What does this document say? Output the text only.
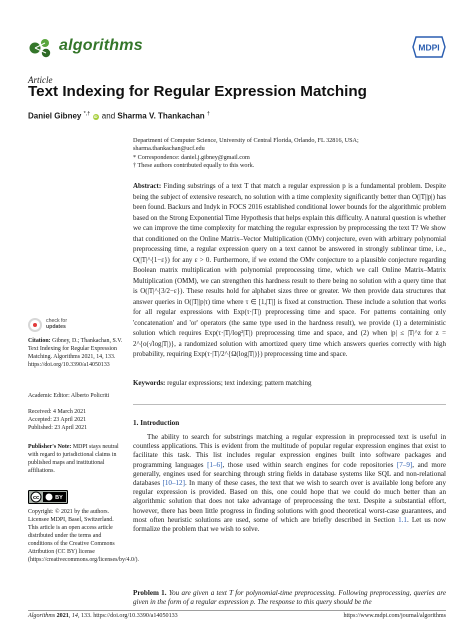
algorithms	MDPI
Article
Text Indexing for Regular Expression Matching
Daniel Gibney *,† iD and Sharma V. Thankachan †
Department of Computer Science, University of Central Florida, Orlando, FL 32816, USA;
sharma.thankachan@ucf.edu
* Correspondence: daniel.j.gibney@gmail.com
† These authors contributed equally to this work.
Abstract: Finding substrings of a text T that match a regular expression p is a fundamental problem. Despite being the subject of extensive research, no solution with a time complexity significantly better than O(|T||p|) has been found. Backurs and Indyk in FOCS 2016 established conditional lower bounds for the algorithmic problem based on the Strong Exponential Time Hypothesis that helps explain this difficulty. A natural question is whether we can improve the time complexity for matching the regular expression by preprocessing the text T? We show that conditioned on the Online Matrix–Vector Multiplication (OMv) conjecture, even with arbitrary polynomial preprocessing time, a regular expression query on a text cannot be answered in strongly sublinear time, i.e., O(|T|^{1−ε}) for any ε > 0. Furthermore, if we extend the OMv conjecture to a plausible conjecture regarding Boolean matrix multiplication with polynomial preprocessing time, which we call Online Matrix–Matrix Multiplication (OMM), we can strengthen this hardness result to there being no solution with a query time that is O(|T|^{3/2−ε}). These results hold for alphabet sizes three or greater. We then provide data structures that answer queries in O(|T||p|τ) time where τ ∈ [1,|T|] is fixed at construction. These include a solution that works for all regular expressions with Exp(τ·|T|) preprocessing time and space. For patterns containing only 'concatenation' and 'or' operators (the same type used in the hardness result), we provide (1) a deterministic solution which requires Exp(τ·|T|/log²|T|) preprocessing time and space, and (2) when |p| ≤ |T|^z for z = 2^{o(√log|T|)}, a randomized solution with amortized query time which answers queries correctly with high probability, requiring Exp(τ·|T|/2^{Ω(log|T|)}) preprocessing time and space.
Keywords: regular expressions; text indexing; pattern matching
1. Introduction
The ability to search for substrings matching a regular expression in preprocessed text is useful in countless applications. This is evident from the multitude of popular regular expression engines that exist to facilitate this task. This list includes regular expression engines built into software packages and programming languages [1–6], those used within search engines for code repositories [7–9], and more generally, engines used for searching through string fields in database systems like SQL and non-relational databases [10–12]. In many of these cases, the text that we wish to search over is available long before any regular expression is provided. Based on this, one could hope that we could do much better than an algorithmic solution that does not take advantage of preprocessing the text. Despite a substantial effort, however, there has been little progress in finding solutions with good theoretical worst-case guarantees, and most often heuristic solutions are used, some of which are briefly described in Section 1.1. Let us now formalize the problem that we wish to solve.
Problem 1. You are given a text T for polynomial-time preprocessing. Following preprocessing, queries are given in the form of a regular expression p. The response to this query should be the
check for
updates
Citation: Gibney, D.; Thankachan, S.V. Text Indexing for Regular Expression Matching. Algorithms 2021, 14, 133. https://doi.org/10.3390/a14050133
Academic Editor: Alberto Policriti
Received: 4 March 2021
Accepted: 23 April 2021
Published: 23 April 2021
Publisher's Note: MDPI stays neutral with regard to jurisdictional claims in published maps and institutional affiliations.
cc	BY
Copyright: © 2021 by the authors. Licensee MDPI, Basel, Switzerland. This article is an open access article distributed under the terms and conditions of the Creative Commons Attribution (CC BY) license (https://creativecommons.org/licenses/by/4.0/).
Algorithms 2021, 14, 133. https://doi.org/10.3390/a14050133	https://www.mdpi.com/journal/algorithms
